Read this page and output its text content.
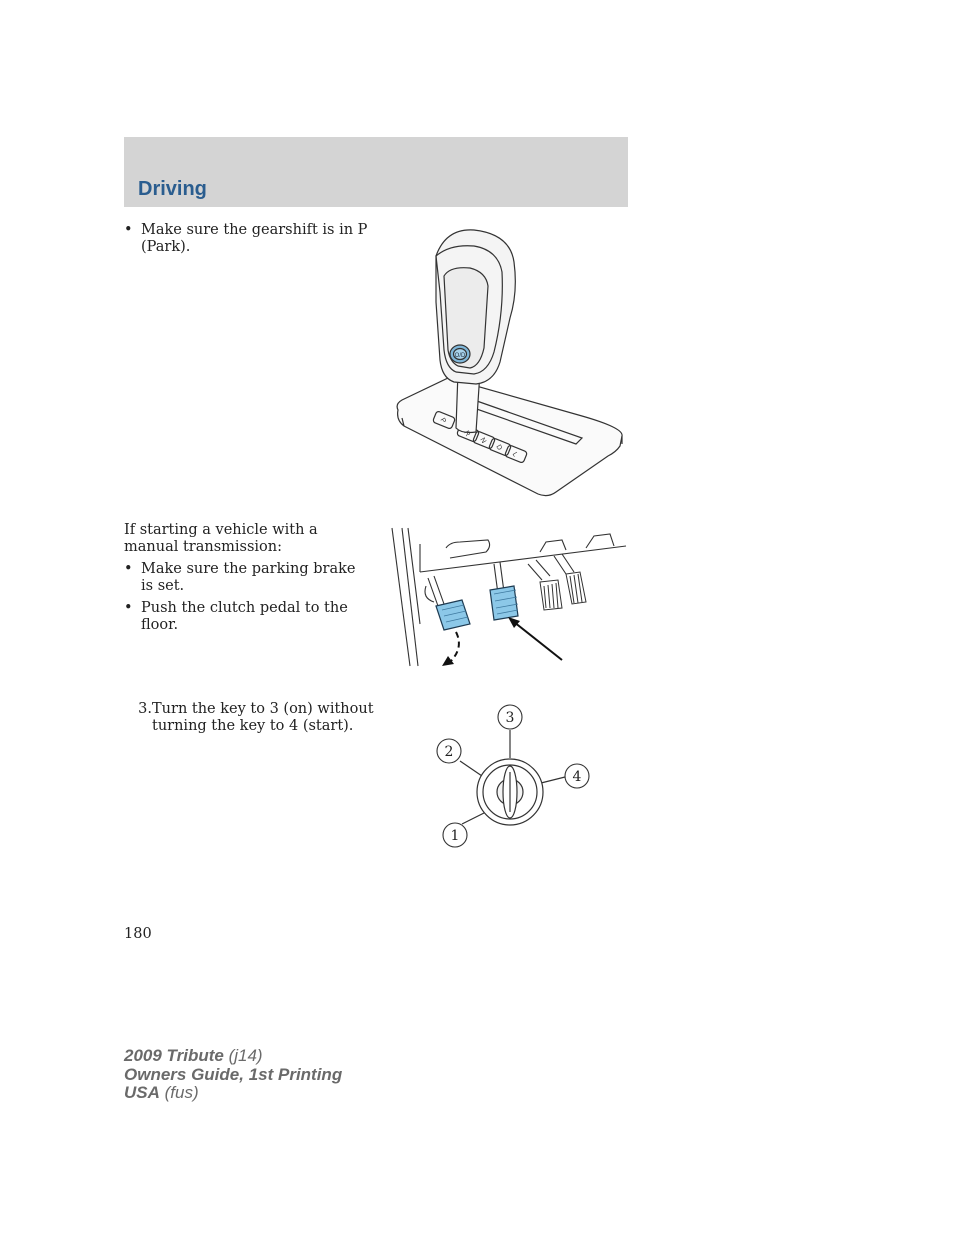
Driving
• Make sure the gearshift is in P (Park).
O/D
P
R
N
D
L
If starting a vehicle with a manual transmission:
• Make sure the parking brake is set.
• Push the clutch pedal to the floor.
3. Turn the key to 3 (on) without turning the key to 4 (start).	3
2
4
1
180
2009 Tribute (j14)
Owners Guide, 1st Printing
USA (fus)
